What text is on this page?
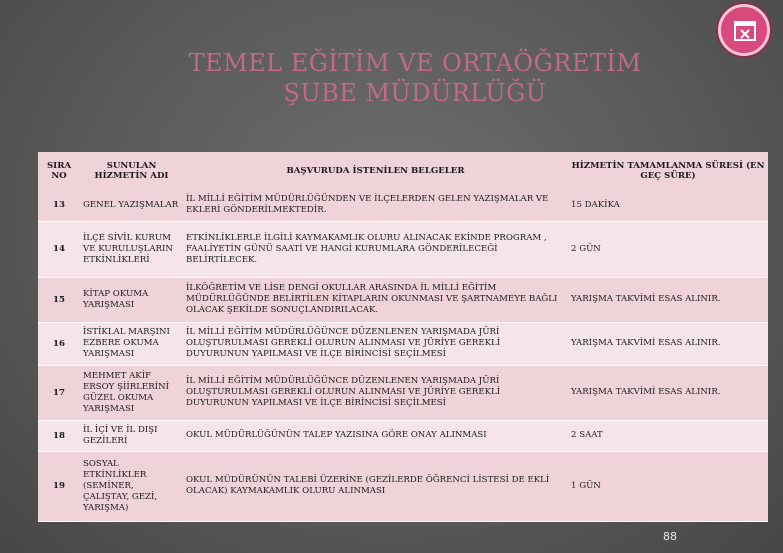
TEMEL EĞİTİM VE ORTAÖĞRETİM
ŞUBE MÜDÜRLÜĞÜ
SIRA NO	SUNULAN HİZMETİN ADI	BAŞVURUDA İSTENİLEN BELGELER	HİZMETİN TAMAMLANMA SÜRESİ (EN GEÇ SÜRE)
13	GENEL YAZIŞMALAR	İL MİLLİ EĞİTİM MÜDÜRLÜĞÜNDEN VE İLÇELERDEN GELEN YAZIŞMALAR VE EKLERİ GÖNDERİLMEKTEDİR.	15 DAKİKA
14	İLÇE SİVİL KURUM VE KURULUŞLARIN ETKİNLİKLERİ	ETKİNLİKLERLE İLGİLİ KAYMAKAMLIK OLURU ALINACAK EKİNDE PROGRAM , FAALİYETİN GÜNÜ SAATİ VE HANGİ KURUMLARA GÖNDERİLECEĞİ BELİRTİLECEK.	2 GÜN
15	KİTAP OKUMA YARIŞMASI	İLKÖĞRETİM VE LİSE DENGİ OKULLAR ARASINDA İL MİLLİ EĞİTİM MÜDÜRLÜĞÜNDE BELİRTİLEN KİTAPLARIN OKUNMASI VE ŞARTNAMEYE BAĞLI OLACAK ŞEKİLDE SONUÇLANDIRILACAK.	YARIŞMA TAKVİMİ ESAS ALINIR.
16	İSTİKLAL MARŞINI EZBERE OKUMA YARIŞMASI	İL MİLLİ EĞİTİM MÜDÜRLÜĞÜNCE DÜZENLENEN YARIŞMADA JÜRİ OLUŞTURULMASI GEREKLİ OLURUN ALINMASI VE JÜRİYE GEREKLİ DUYURUNUN YAPILMASI VE İLÇE BİRİNCİSİ SEÇİLMESİ	YARIŞMA TAKVİMİ ESAS ALINIR.
17	MEHMET AKİF ERSOY ŞİİRLERİNİ GÜZEL OKUMA YARIŞMASI	İL MİLLİ EĞİTİM MÜDÜRLÜĞÜNCE DÜZENLENEN YARIŞMADA JÜRİ OLUŞTURULMASI GEREKLİ OLURUN ALINMASI VE JÜRİYE GEREKLİ DUYURUNUN YAPILMASI VE İLÇE BİRİNCİSİ SEÇİLMESİ	YARIŞMA TAKVİMİ ESAS ALINIR.
18	İL İÇİ VE İL DIŞI GEZİLERİ	OKUL MÜDÜRLÜĞÜNÜN TALEP YAZISINA GÖRE ONAY ALINMASI	2 SAAT
19	SOSYAL ETKİNLİKLER (SEMİNER, ÇALIŞTAY, GEZİ, YARIŞMA)	OKUL MÜDÜRÜNÜN TALEBİ ÜZERİNE (GEZİLERDE ÖĞRENCİ LİSTESİ DE EKLİ OLACAK) KAYMAKAMLIK OLURU ALINMASI	1 GÜN
88
